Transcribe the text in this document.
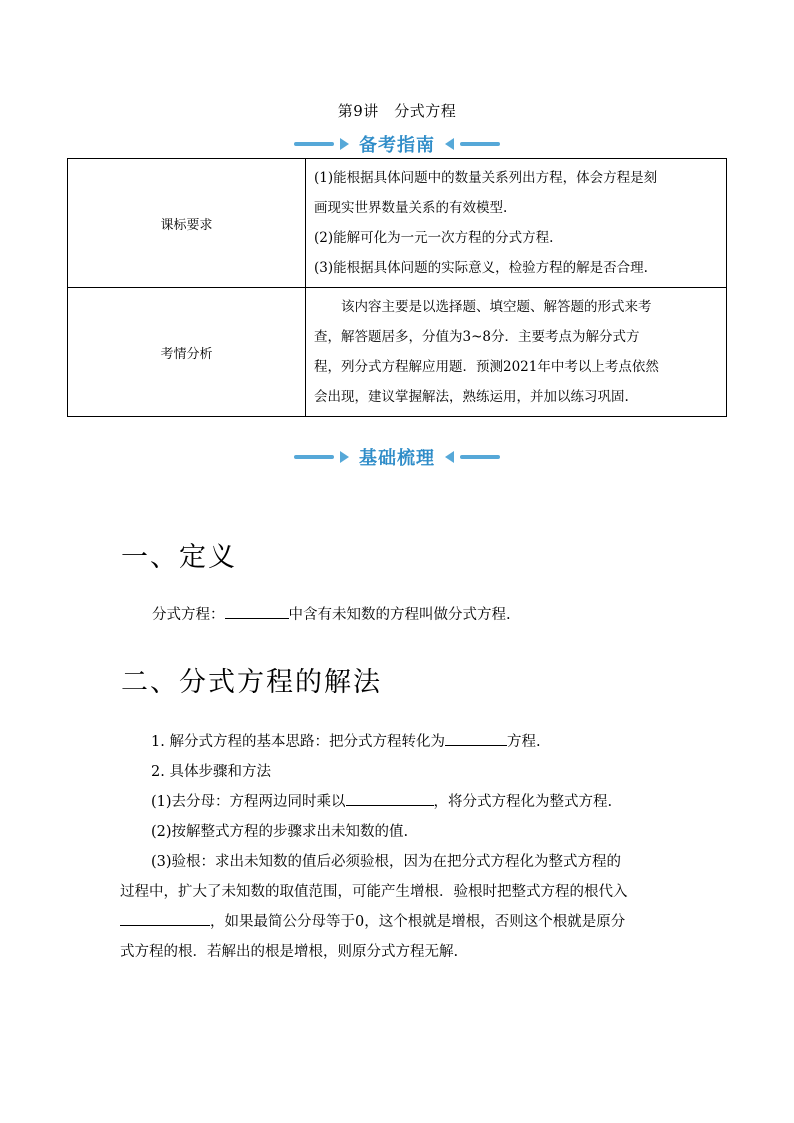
第9讲　分式方程
备考指南
课标要求	(1)能根据具体问题中的数量关系列出方程，体会方程是刻

画现实世界数量关系的有效模型.

(2)能解可化为一元一次方程的分式方程.

(3)能根据具体问题的实际意义，检验方程的解是否合理.

考情分析	该内容主要是以选择题、填空题、解答题的形式来考

查，解答题居多，分值为3~8分．主要考点为解分式方

程，列分式方程解应用题．预测2021年中考以上考点依然

会出现，建议掌握解法，熟练运用，并加以练习巩固.

基础梳理
一、定义

分式方程：	中含有未知数的方程叫做分式方程.

二、分式方程的解法

1. 解分式方程的基本思路：把分式方程转化为	方程.

2. 具体步骤和方法

(1)去分母：方程两边同时乘以	，将分式方程化为整式方程.

(2)按解整式方程的步骤求出未知数的值.

(3)验根：求出未知数的值后必须验根，因为在把分式方程化为整式方程的

过程中，扩大了未知数的取值范围，可能产生增根．验根时把整式方程的根代入

，如果最简公分母等于0，这个根就是增根，否则这个根就是原分

式方程的根．若解出的根是增根，则原分式方程无解.
